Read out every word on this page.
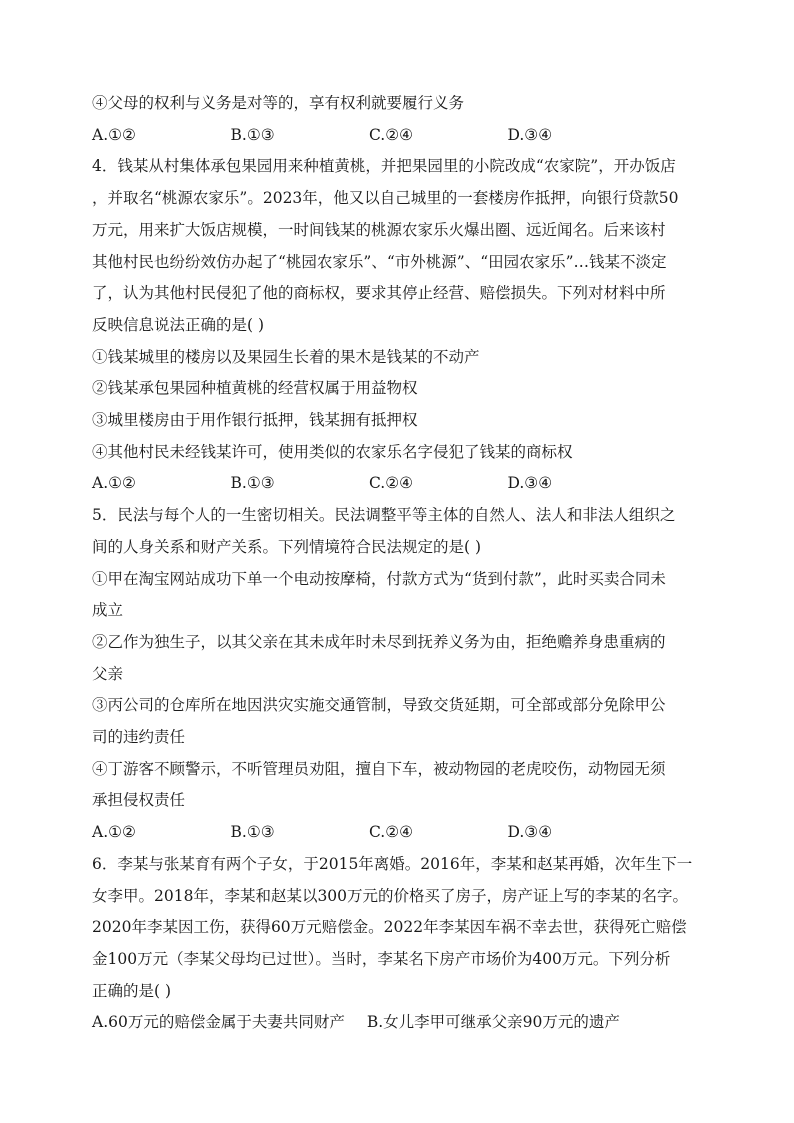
④父母的权利与义务是对等的，享有权利就要履行义务
A.①②	B.①③	C.②④	D.③④
4．钱某从村集体承包果园用来种植黄桃，并把果园里的小院改成“农家院”，开办饭店
，并取名“桃源农家乐”。2023年，他又以自己城里的一套楼房作抵押，向银行贷款50
万元，用来扩大饭店规模，一时间钱某的桃源农家乐火爆出圈、远近闻名。后来该村
其他村民也纷纷效仿办起了“桃园农家乐”、“市外桃源”、“田园农家乐”…钱某不淡定
了，认为其他村民侵犯了他的商标权，要求其停止经营、赔偿损失。下列对材料中所
反映信息说法正确的是( )
①钱某城里的楼房以及果园生长着的果木是钱某的不动产
②钱某承包果园种植黄桃的经营权属于用益物权
③城里楼房由于用作银行抵押，钱某拥有抵押权
④其他村民未经钱某许可，使用类似的农家乐名字侵犯了钱某的商标权
A.①②	B.①③	C.②④	D.③④
5．民法与每个人的一生密切相关。民法调整平等主体的自然人、法人和非法人组织之
间的人身关系和财产关系。下列情境符合民法规定的是( )
①甲在淘宝网站成功下单一个电动按摩椅，付款方式为“货到付款”，此时买卖合同未
成立
②乙作为独生子，以其父亲在其未成年时未尽到抚养义务为由，拒绝赡养身患重病的
父亲
③丙公司的仓库所在地因洪灾实施交通管制，导致交货延期，可全部或部分免除甲公
司的违约责任
④丁游客不顾警示，不听管理员劝阻，擅自下车，被动物园的老虎咬伤，动物园无须
承担侵权责任
A.①②	B.①③	C.②④	D.③④
6．李某与张某育有两个子女，于2015年离婚。2016年，李某和赵某再婚，次年生下一
女李甲。2018年，李某和赵某以300万元的价格买了房子，房产证上写的李某的名字。
2020年李某因工伤，获得60万元赔偿金。2022年李某因车祸不幸去世，获得死亡赔偿
金100万元（李某父母均已过世）。当时，李某名下房产市场价为400万元。下列分析
正确的是( )
A.60万元的赔偿金属于夫妻共同财产 B.女儿李甲可继承父亲90万元的遗产
